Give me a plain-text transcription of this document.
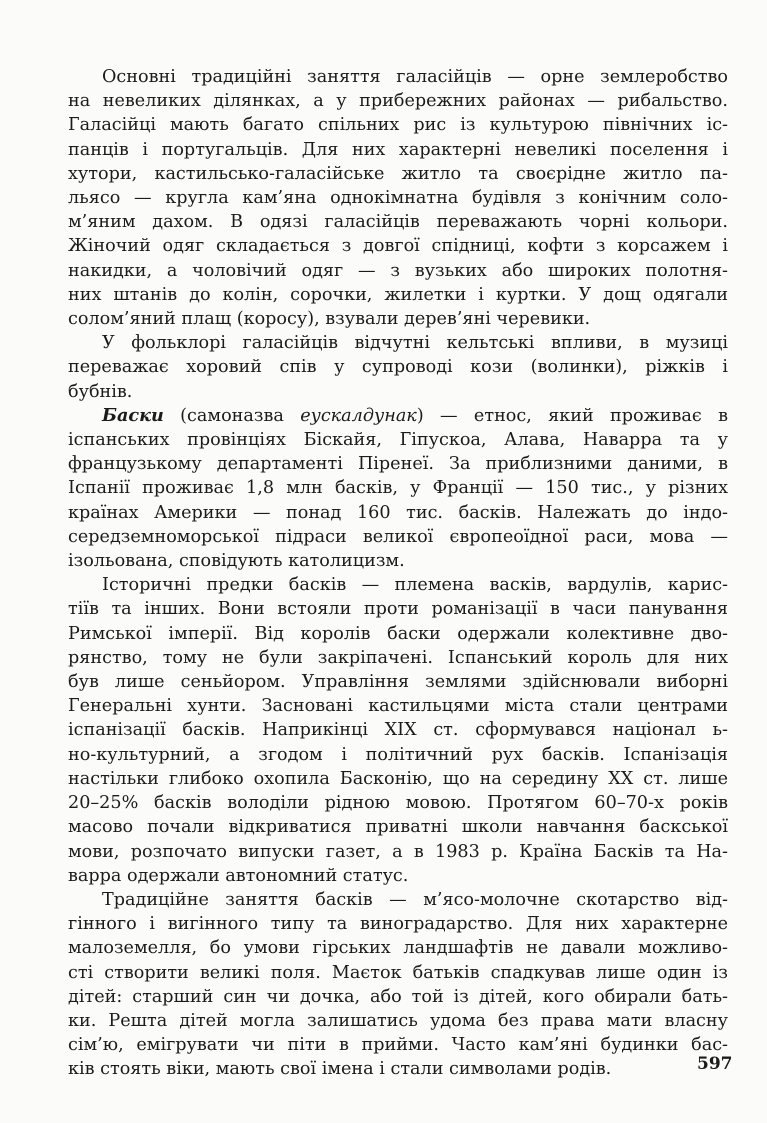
Основні традиційні заняття галасійців — орне землеробство
на невеликих ділянках, а у прибережних районах — рибальство.
Галасійці мають багато спільних рис із культурою північних іс-
панців і португальців. Для них характерні невеликі поселення і
хутори, кастильсько-галасійське житло та своєрідне житло па-
льясо — кругла кам’яна однокімнатна будівля з конічним соло-
м’яним дахом. В одязі галасійців переважають чорні кольори.
Жіночий одяг складається з довгої спідниці, кофти з корсажем і
накидки, а чоловічий одяг — з вузьких або широких полотня-
них штанів до колін, сорочки, жилетки і куртки. У дощ одягали
солом’яний плащ (коросу), взували дерев’яні черевики.
У фольклорі галасійців відчутні кельтські впливи, в музиці
переважає хоровий спів у супроводі кози (волинки), ріжків і
бубнів.
Баски (самоназва еускалдунак) — етнос, який проживає в
іспанських провінціях Біскайя, Гіпускоа, Алава, Наварра та у
французькому департаменті Піренеї. За приблизними даними, в
Іспанії проживає 1,8 млн басків, у Франції — 150 тис., у різних
країнах Америки — понад 160 тис. басків. Належать до індо-
середземноморської підраси великої європеоїдної раси, мова —
ізольована, сповідують католицизм.
Історичні предки басків — племена васків, вардулів, карис-
тіїв та інших. Вони встояли проти романізації в часи панування
Римської імперії. Від королів баски одержали колективне дво-
рянство, тому не були закріпачені. Іспанський король для них
був лише сеньйором. Управління землями здійснювали виборні
Генеральні хунти. Засновані кастильцями міста стали центрами
іспанізації басків. Наприкінці XIX ст. сформувався націонал ь-
но-культурний, а згодом і політичний рух басків. Іспанізація
настільки глибоко охопила Басконію, що на середину XX ст. лише
20–25% басків володіли рідною мовою. Протягом 60–70-х років
масово почали відкриватися приватні школи навчання баскської
мови, розпочато випуски газет, а в 1983 р. Країна Басків та На-
варра одержали автономний статус.
Традиційне заняття басків — м’ясо-молочне скотарство від-
гінного і вигінного типу та виноградарство. Для них характерне
малоземелля, бо умови гірських ландшафтів не давали можливо-
сті створити великі поля. Маєток батьків спадкував лише один із
дітей: старший син чи дочка, або той із дітей, кого обирали бать-
ки. Решта дітей могла залишатись удома без права мати власну
сім’ю, емігрувати чи піти в прийми. Часто кам’яні будинки бас-
ків стоять віки, мають свої імена і стали символами родів.	597
